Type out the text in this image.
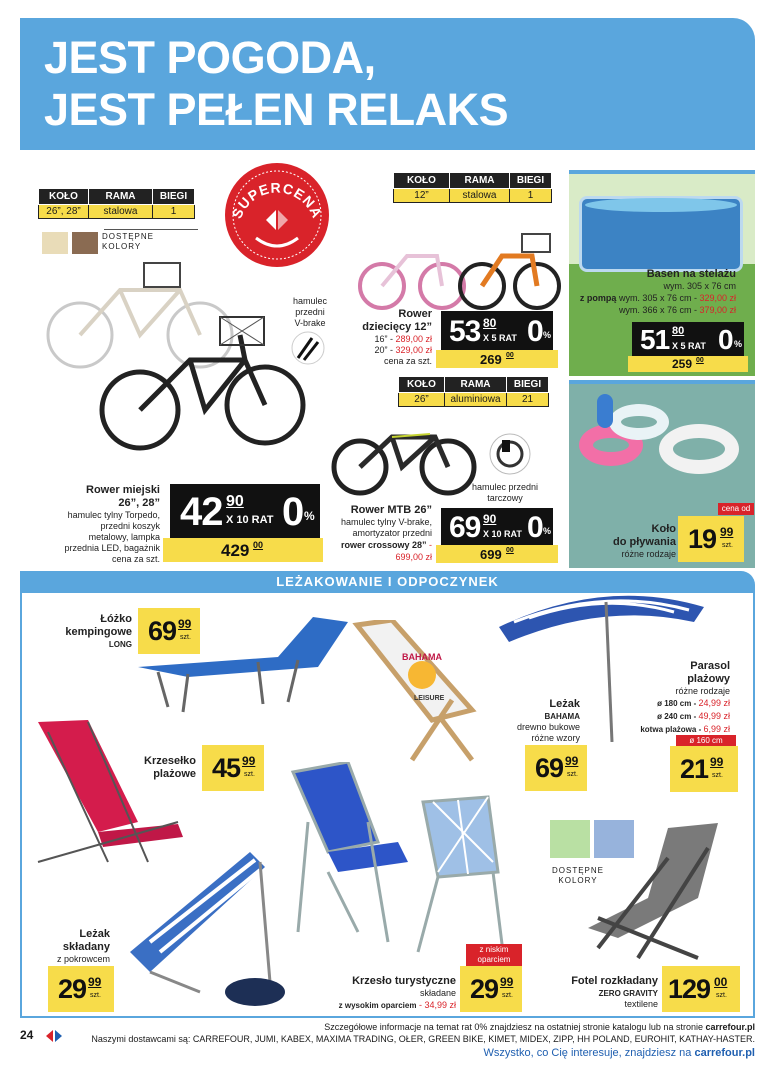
JEST POGODA,
JEST PEŁEN RELAKS
KOŁO	RAMA	BIEGI
26”, 28”	stalowa	1
DOSTĘPNE
KOLORY
hamulec
przedni
V-brake
Rower miejski
26”, 28”
hamulec tylny Torpedo,
przedni koszyk
metalowy, lampka
przednia LED, bagażnik
cena za szt.
42 90
X 10 RAT 0 %
429 00
SUPERCENA
KOŁO	RAMA	BIEGI
12”	stalowa	1
Rower
dziecięcy 12”
16” - 289,00 zł
20” - 329,00 zł
cena za szt.
53 80
X 5 RAT 0 %
269 00
KOŁO	RAMA	BIEGI
26”	aluminiowa	21
hamulec przedni
tarczowy
Rower MTB 26”
hamulec tylny V-brake,
amortyzator przedni
rower crossowy 28” - 699,00 zł
69 90
X 10 RAT 0 %
699 00
Basen na stelażu
wym. 305 x 76 cm
z pompą wym. 305 x 76 cm - 329,00 zł
wym. 366 x 76 cm - 379,00 zł
51 80
X 5 RAT 0 %
259 00
cena od
Koło
do pływania
różne rodzaje 19 99
szt.
LEŻAKOWANIE I ODPOCZYNEK
Łóżko
kempingowe
LONG 69 99
szt.
Krzesełko
plażowe 45 99
szt.
BAHAMA
LEISURE	Leżak
BAHAMA
drewno bukowe
różne wzory
69 99
szt.
Parasol
plażowy
różne rodzaje
ø 180 cm - 24,99 zł
ø 240 cm - 49,99 zł
kotwa plażowa - 6,99 zł
ø 160 cm
21 99
szt.
z niskim
oparciem
Krzesło turystyczne
składane
z wysokim oparciem - 34,99 zł
29 99
szt.
Leżak
składany
z pokrowcem
29 99
szt.
DOSTĘPNE
KOLORY
Fotel rozkładany
ZERO GRAVITY
textilene 129 00
szt.
24
Szczegółowe informacje na temat rat 0% znajdziesz na ostatniej stronie katalogu lub na stronie carrefour.pl
Naszymi dostawcami są: CARREFOUR, JUMI, KABEX, MAXIMA TRADING, OŁER, GREEN BIKE, KIMET, MIDEX, ZIPP, HH POLAND, EUROHIT, KATHAY-HASTER.
Wszystko, co Cię interesuje, znajdziesz na carrefour.pl
